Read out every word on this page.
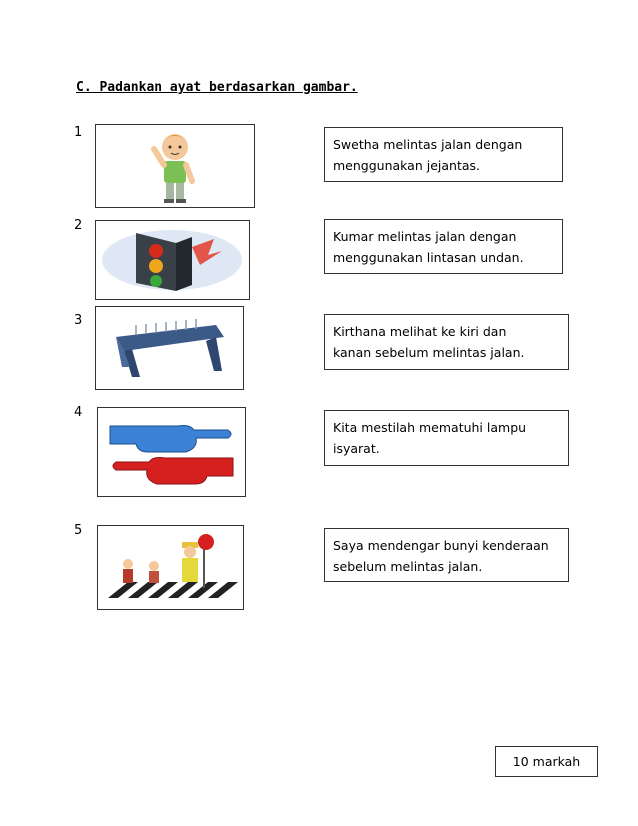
C. Padankan ayat berdasarkan gambar.
1
Swetha melintas jalan dengan
menggunakan jejantas.
2
Kumar melintas jalan dengan
menggunakan lintasan undan.
3
Kirthana melihat ke kiri dan
kanan sebelum melintas jalan.
4
Kita mestilah mematuhi lampu
isyarat.
5
Saya mendengar bunyi kenderaan
sebelum melintas jalan.
10 markah
